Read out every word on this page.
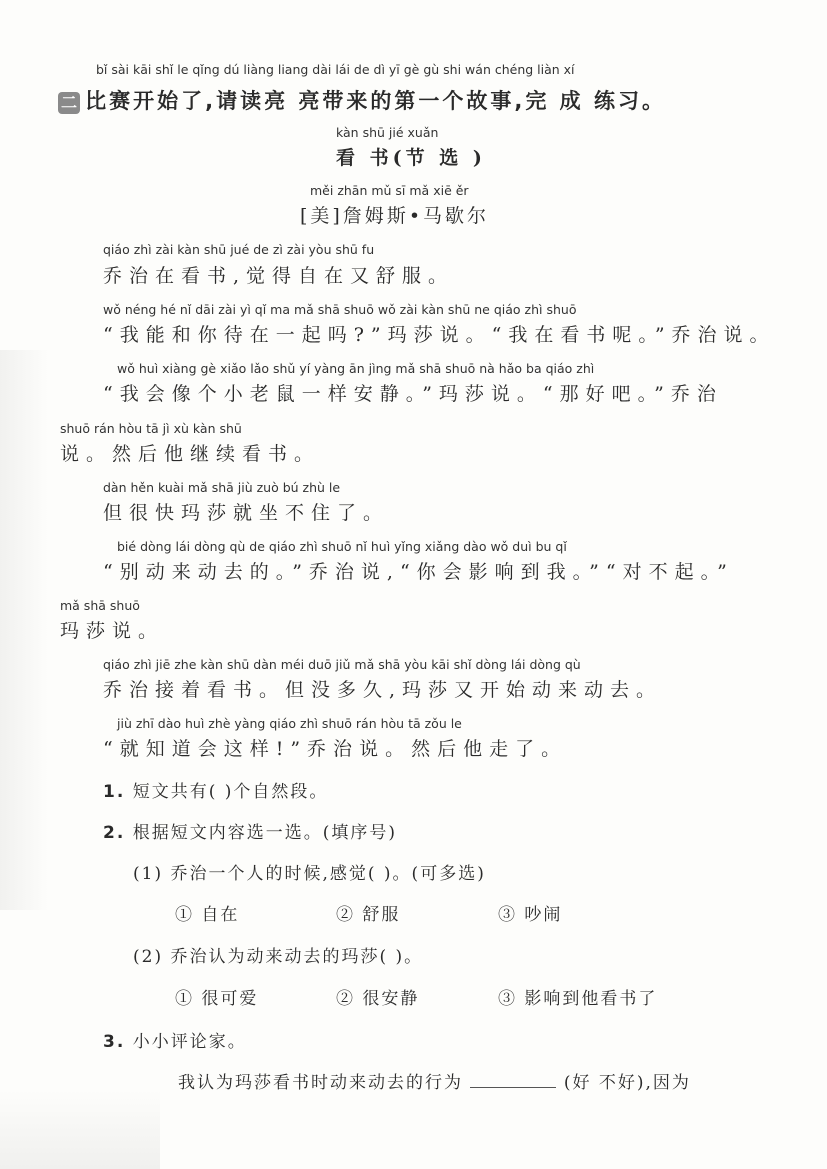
bǐ sài kāi shǐ le qǐng dú liàng liang dài lái de dì yī gè gù shi wán chéng liàn xí
二 比赛开始了,请读亮 亮带来的第一个故事,完 成 练习。
kàn shū jié xuǎn
看 书(节 选 )
měi zhān mǔ sī mǎ xiē ěr
[美]詹姆斯•马歇尔
qiáo zhì zài kàn shū jué de zì zài yòu shū fu
乔治在看书,觉得自在又舒服。
wǒ néng hé nǐ dāi zài yì qǐ ma mǎ shā shuō wǒ zài kàn shū ne qiáo zhì shuō
“我能和你待在一起吗?”玛莎说。“我在看书呢。”乔治说。
wǒ huì xiàng gè xiǎo lǎo shǔ yí yàng ān jìng mǎ shā shuō nà hǎo ba qiáo zhì
“我会像个小老鼠一样安静。”玛莎说。“那好吧。”乔治
shuō rán hòu tā jì xù kàn shū
说。然后他继续看书。
dàn hěn kuài mǎ shā jiù zuò bú zhù le
但很快玛莎就坐不住了。
bié dòng lái dòng qù de qiáo zhì shuō nǐ huì yǐng xiǎng dào wǒ duì bu qǐ
“别动来动去的。”乔治说,“你会影响到我。”“对不起。”
mǎ shā shuō
玛莎说。
qiáo zhì jiē zhe kàn shū dàn méi duō jiǔ mǎ shā yòu kāi shǐ dòng lái dòng qù
乔治接着看书。但没多久,玛莎又开始动来动去。
jiù zhī dào huì zhè yàng qiáo zhì shuō rán hòu tā zǒu le
“就知道会这样!”乔治说。然后他走了。
1. 短文共有( )个自然段。
2. 根据短文内容选一选。(填序号)
(1) 乔治一个人的时候,感觉( )。(可多选)
① 自在	② 舒服	③ 吵闹
(2) 乔治认为动来动去的玛莎( )。
① 很可爱	② 很安静	③ 影响到他看书了
3. 小小评论家。
我认为玛莎看书时动来动去的行为	(好 不好),因为
